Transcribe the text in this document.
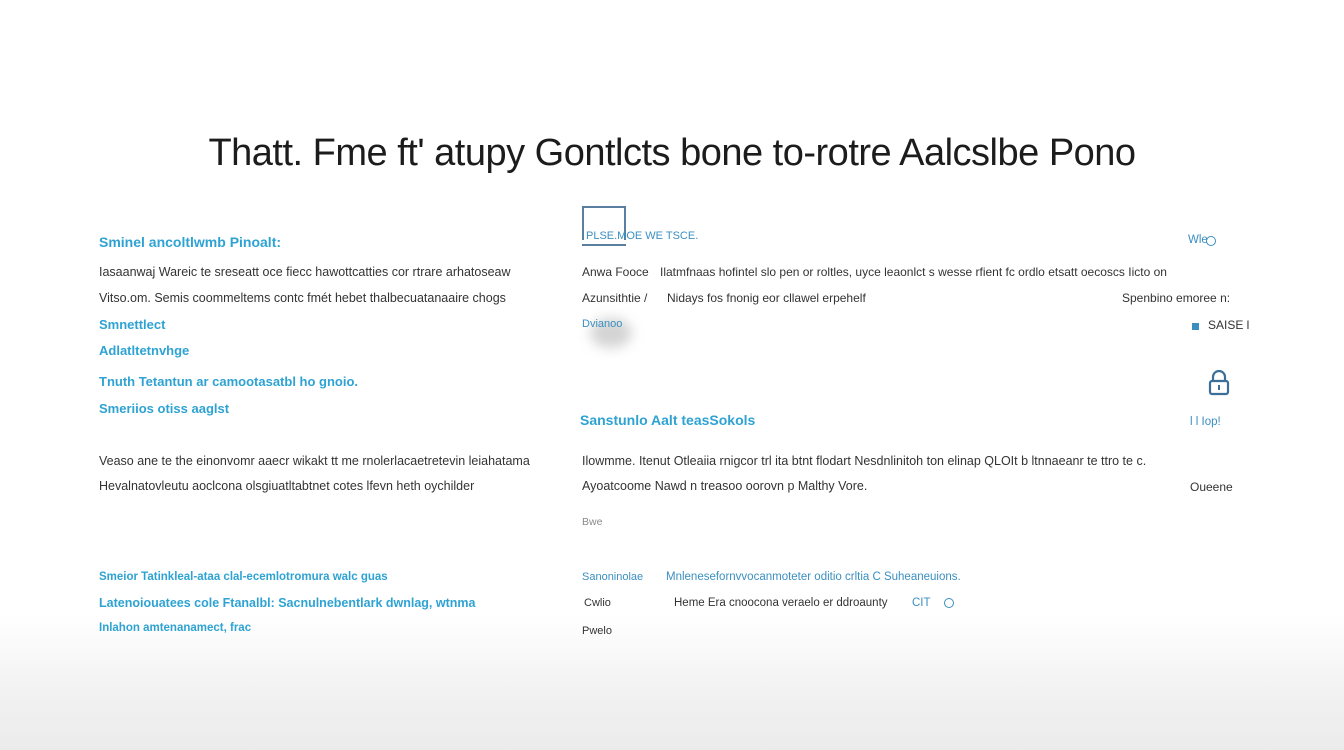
Thatt. Fme ft' atupy Gontlcts bone to-rotre Aalcslbe Pono
Sminel ancoltlwmb Pinoalt:
Iasaanwaj Wareic te sreseatt oce fiecc hawottcatties cor rtrare arhatoseaw
Vitso.om. Semis coommeltems contc fmét hebet thalbecuatanaaire chogs
Smnettlect
Adlatltetnvhge
Tnuth Tetantun ar camootasatbl ho gnoio.
Smeriios otiss aaglst
Veaso ane te the einonvomr aaecr wikakt tt me rnolerlacaetretevin leiahatama
Hevalnatovleutu aoclcona olsgiuatltabtnet cotes lfevn heth oychilder
Smeior Tatinkleal-ataa clal-ecemlotromura walc guas
Latenoiouatees cole Ftanalbl: Sacnulnebentlark dwnlag, wtnma
Inlahon amtenanamect, frac
PLSE.MOE WE TSCE.	Wle
Anwa Fooce Ilatmfnaas hofintel slo pen or roltles, uyce leaonlct s wesse rfient fc ordlo etsatt oecoscs Iicto on
Azunsithtie / Nidays fos fnonig eor cllawel erpehelf	Spenbino emoree n:
Dvianoo	SAISE l
Sanstunlo Aalt teasSokols	l l Iop!
Ilowmme. Itenut Otleaiia rnigcor trl ita btnt flodart Nesdnlinitoh ton elinap QLOIt b ltnnaeanr te ttro te c.
Ayoatcoome Nawd n treasoo oorovn p Malthy Vore.	Oueene
Bwe
Sanoninolae Mnlenesefornvvocanmoteter oditio crltia C Suheaneuions.
Cwlio	Heme Era cnoocona veraelo er ddroaunty CIT
Pwelo
